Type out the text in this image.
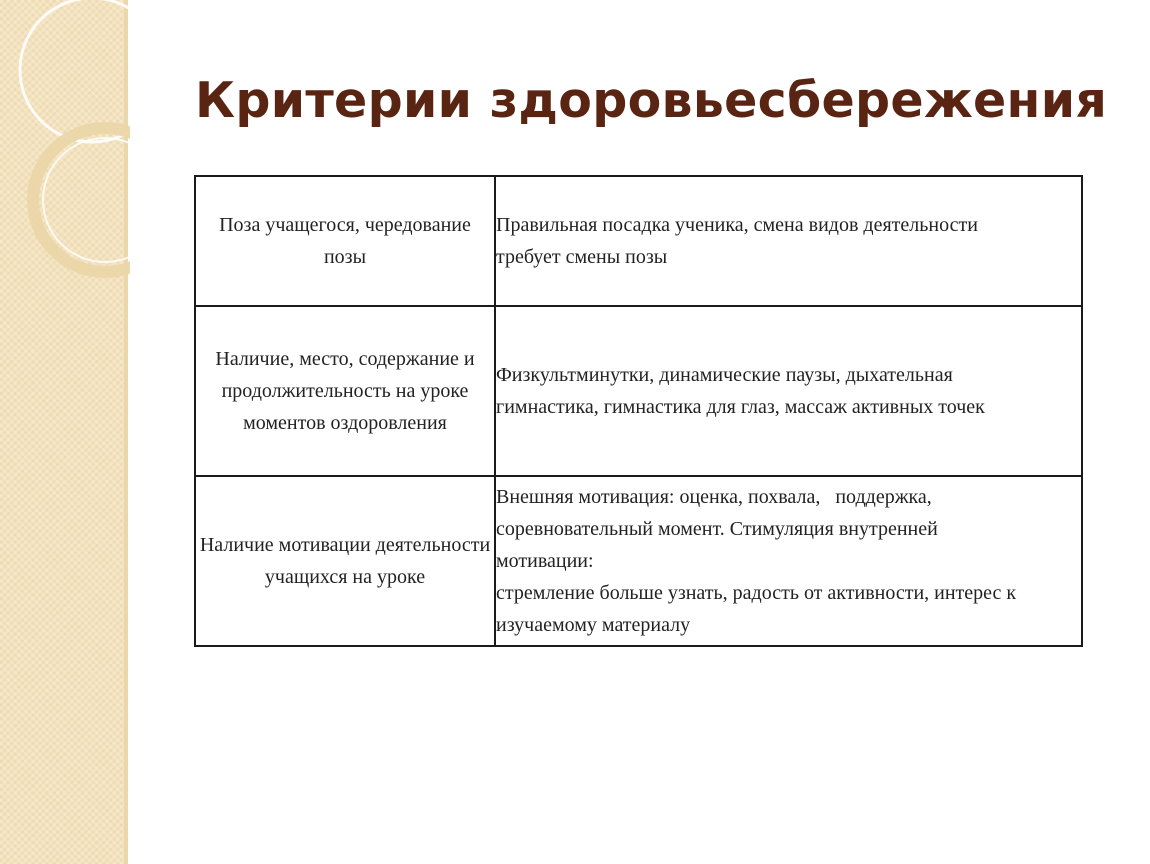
Критерии здоровьесбережения
Поза учащегося, чередование позы	Правильная посадка ученика, смена видов деятельности
требует смены позы

Наличие, место, содержание и продолжительность на уроке моментов оздоровления	Физкультминутки, динамические паузы, дыхательная
гимнастика, гимнастика для глаз, массаж активных точек

Наличие мотивации деятельности учащихся на уроке	Внешняя мотивация: оценка, похвала,   поддержка,
соревновательный момент. Стимуляция внутренней
мотивации:
стремление больше узнать, радость от активности, интерес к
изучаемому материалу
